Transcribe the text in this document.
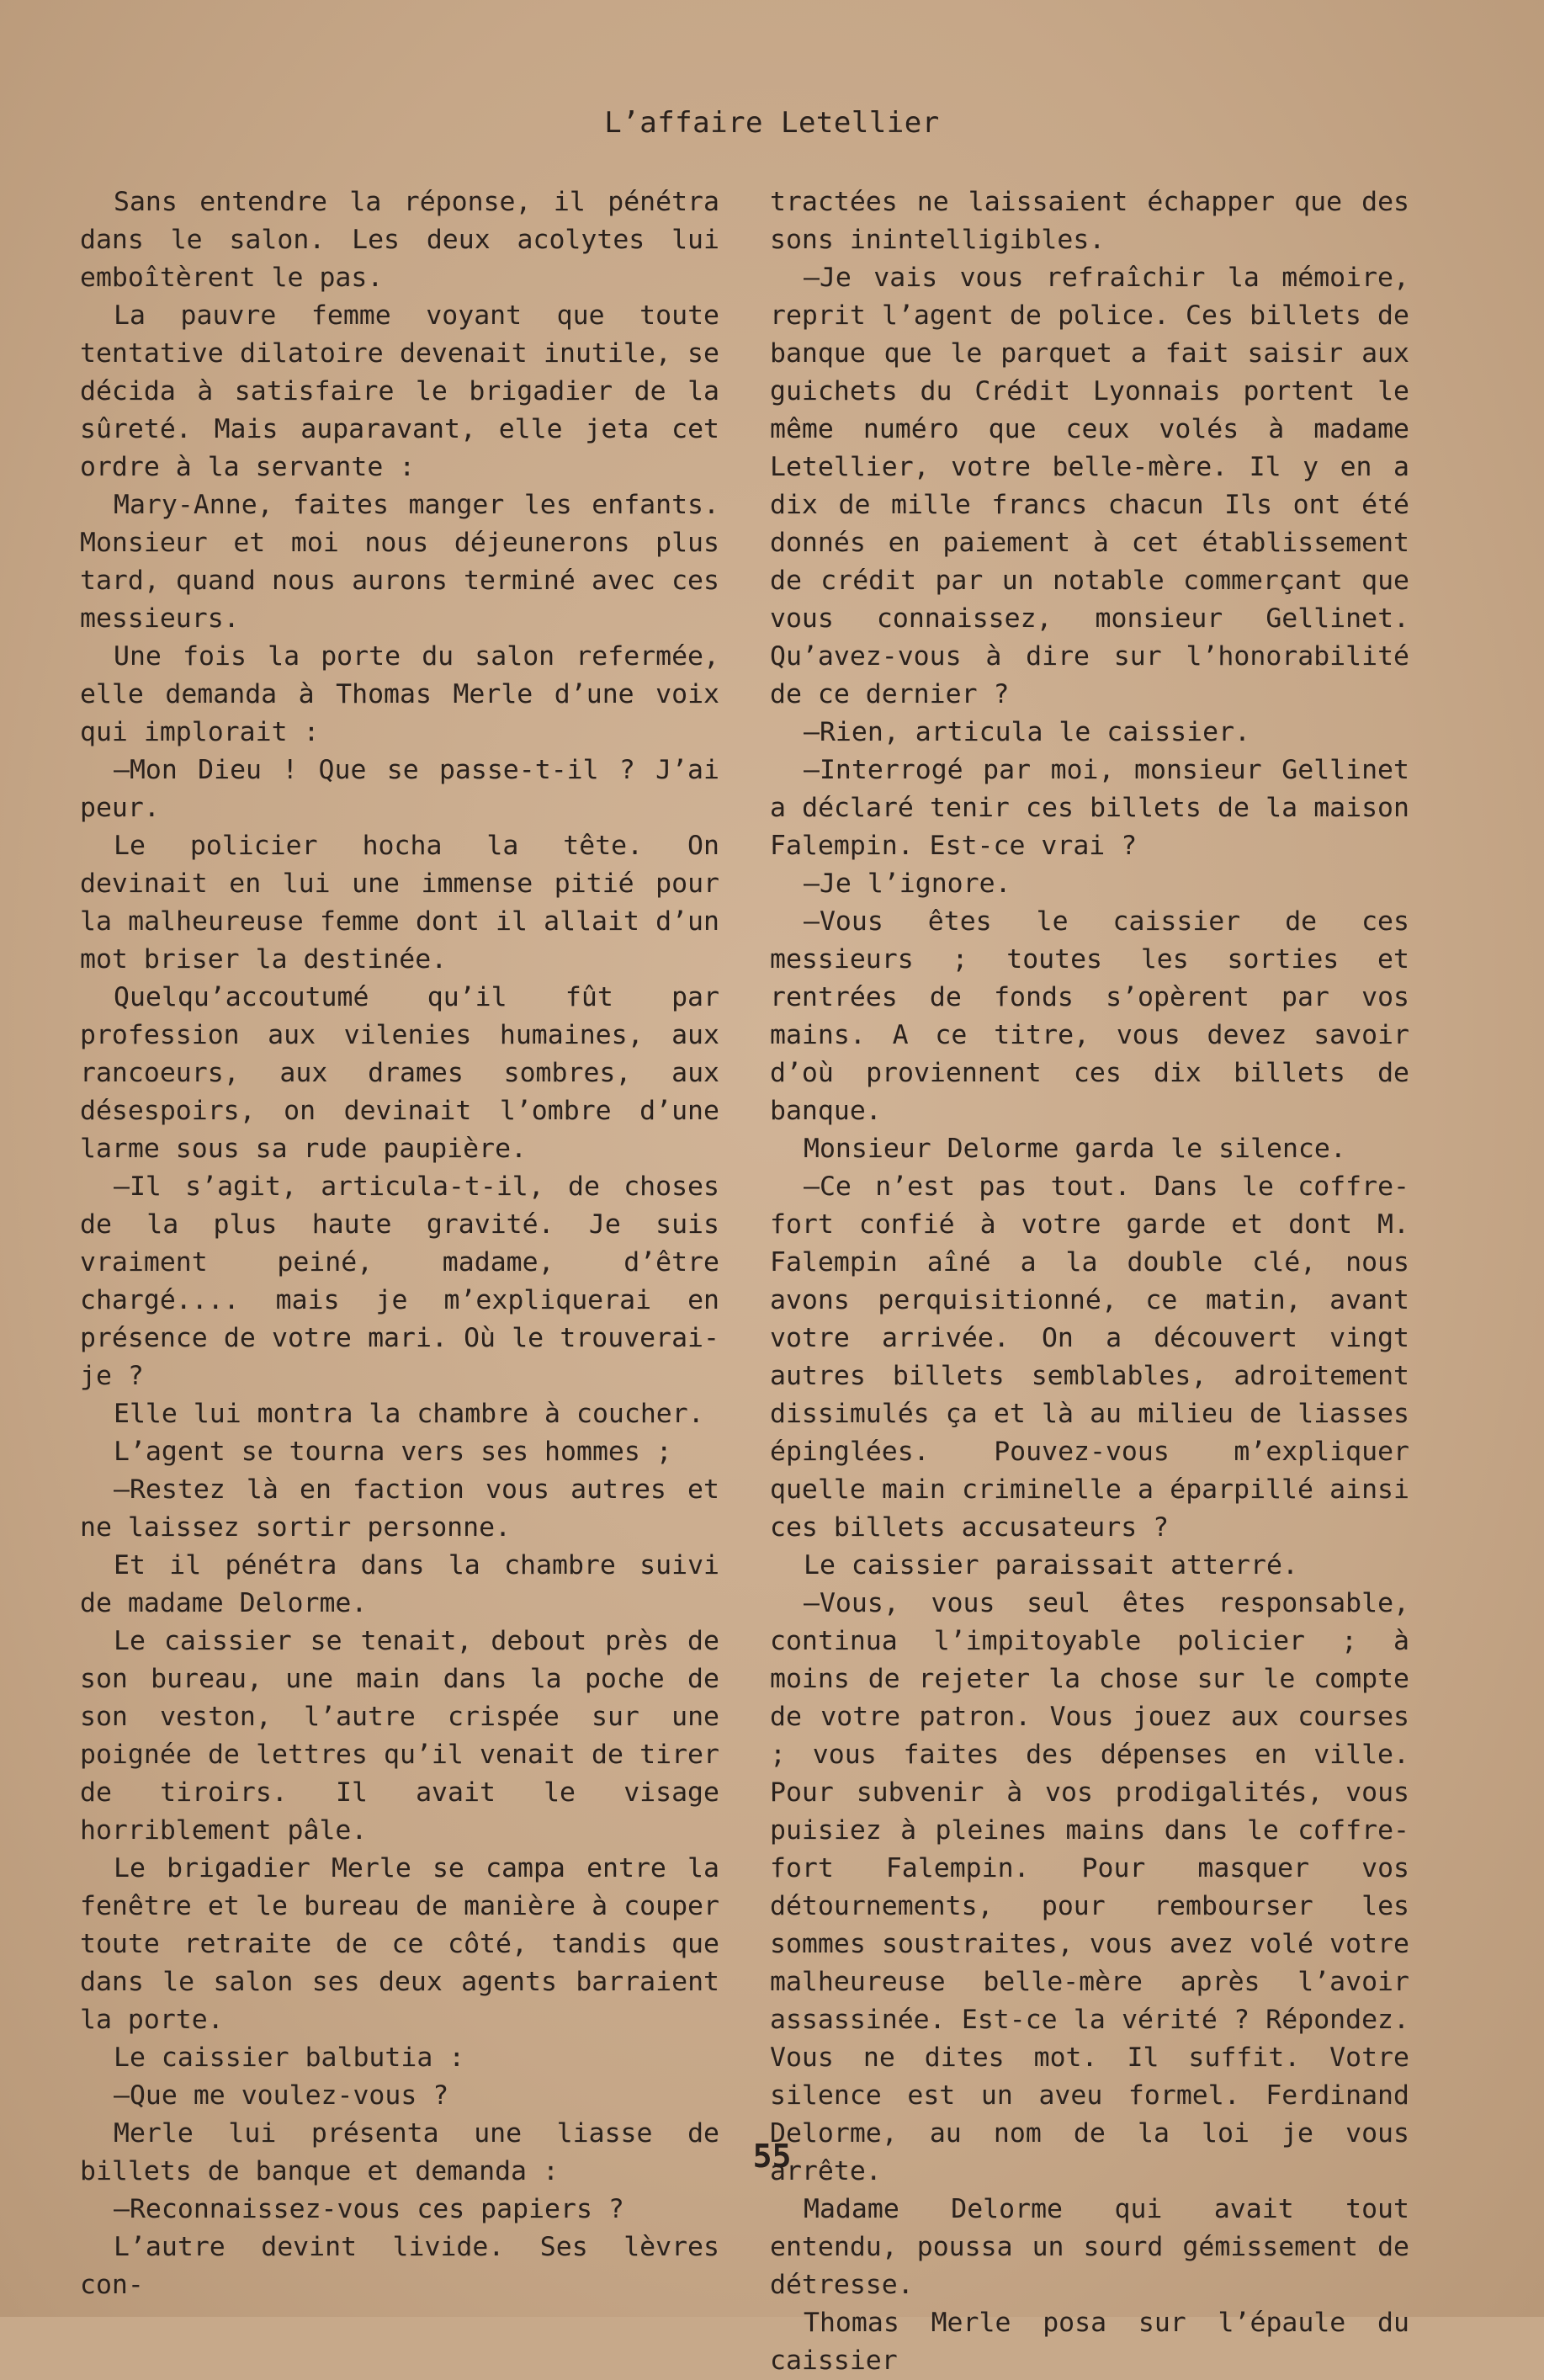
L’affaire Letellier

Sans entendre la réponse, il pénétra dans le salon. Les deux acolytes lui emboîtèrent le pas.

La pauvre femme voyant que toute tentative dilatoire devenait inutile, se décida à satisfaire le brigadier de la sûreté. Mais auparavant, elle jeta cet ordre à la servante :

Mary-Anne, faites manger les enfants. Monsieur et moi nous déjeunerons plus tard, quand nous aurons terminé avec ces messieurs.

Une fois la porte du salon refermée, elle demanda à Thomas Merle d’une voix qui implorait :

—Mon Dieu ! Que se passe-t-il ? J’ai peur.

Le policier hocha la tête. On devinait en lui une immense pitié pour la malheureuse femme dont il allait d’un mot briser la destinée.

Quelqu’accoutumé qu’il fût par profession aux vilenies humaines, aux rancoeurs, aux drames sombres, aux désespoirs, on devinait l’ombre d’une larme sous sa rude paupière.

—Il s’agit, articula-t-il, de choses de la plus haute gravité. Je suis vraiment peiné, madame, d’être chargé.... mais je m’expliquerai en présence de votre mari. Où le trouverai-je ?

Elle lui montra la chambre à coucher.

L’agent se tourna vers ses hommes ;

—Restez là en faction vous autres et ne laissez sortir personne.

Et il pénétra dans la chambre suivi de madame Delorme.

Le caissier se tenait, debout près de son bureau, une main dans la poche de son veston, l’autre crispée sur une poignée de lettres qu’il venait de tirer de tiroirs. Il avait le visage horriblement pâle.

Le brigadier Merle se campa entre la fenêtre et le bureau de manière à couper toute retraite de ce côté, tandis que dans le salon ses deux agents barraient la porte.

Le caissier balbutia :

—Que me voulez-vous ?

Merle lui présenta une liasse de billets de banque et demanda :

—Reconnaissez-vous ces papiers ?

L’autre devint livide. Ses lèvres con-

tractées ne laissaient échapper que des sons inintelligibles.

—Je vais vous refraîchir la mémoire, reprit l’agent de police. Ces billets de banque que le parquet a fait saisir aux guichets du Crédit Lyonnais portent le même numéro que ceux volés à madame Letellier, votre belle-mère. Il y en a dix de mille francs chacun Ils ont été donnés en paiement à cet établissement de crédit par un notable commerçant que vous connaissez, monsieur Gellinet. Qu’avez-vous à dire sur l’honorabilité de ce dernier ?

—Rien, articula le caissier.

—Interrogé par moi, monsieur Gellinet a déclaré tenir ces billets de la maison Falempin. Est-ce vrai ?

—Je l’ignore.

—Vous êtes le caissier de ces messieurs ; toutes les sorties et rentrées de fonds s’opèrent par vos mains. A ce titre, vous devez savoir d’où proviennent ces dix billets de banque.

Monsieur Delorme garda le silence.

—Ce n’est pas tout. Dans le coffre-fort confié à votre garde et dont M. Falempin aîné a la double clé, nous avons perquisitionné, ce matin, avant votre arrivée. On a découvert vingt autres billets semblables, adroitement dissimulés ça et là au milieu de liasses épinglées. Pouvez-vous m’expliquer quelle main criminelle a éparpillé ainsi ces billets accusateurs ?

Le caissier paraissait atterré.

—Vous, vous seul êtes responsable, continua l’impitoyable policier ; à moins de rejeter la chose sur le compte de votre patron. Vous jouez aux courses ; vous faites des dépenses en ville. Pour subvenir à vos prodigalités, vous puisiez à pleines mains dans le coffre-fort Falempin. Pour masquer vos détournements, pour rembourser les sommes soustraites, vous avez volé votre malheureuse belle-mère après l’avoir assassinée. Est-ce la vérité ? Répondez. Vous ne dites mot. Il suffit. Votre silence est un aveu formel. Ferdinand Delorme, au nom de la loi je vous arrête.

Madame Delorme qui avait tout entendu, poussa un sourd gémissement de détresse.

Thomas Merle posa sur l’épaule du caissier

55
